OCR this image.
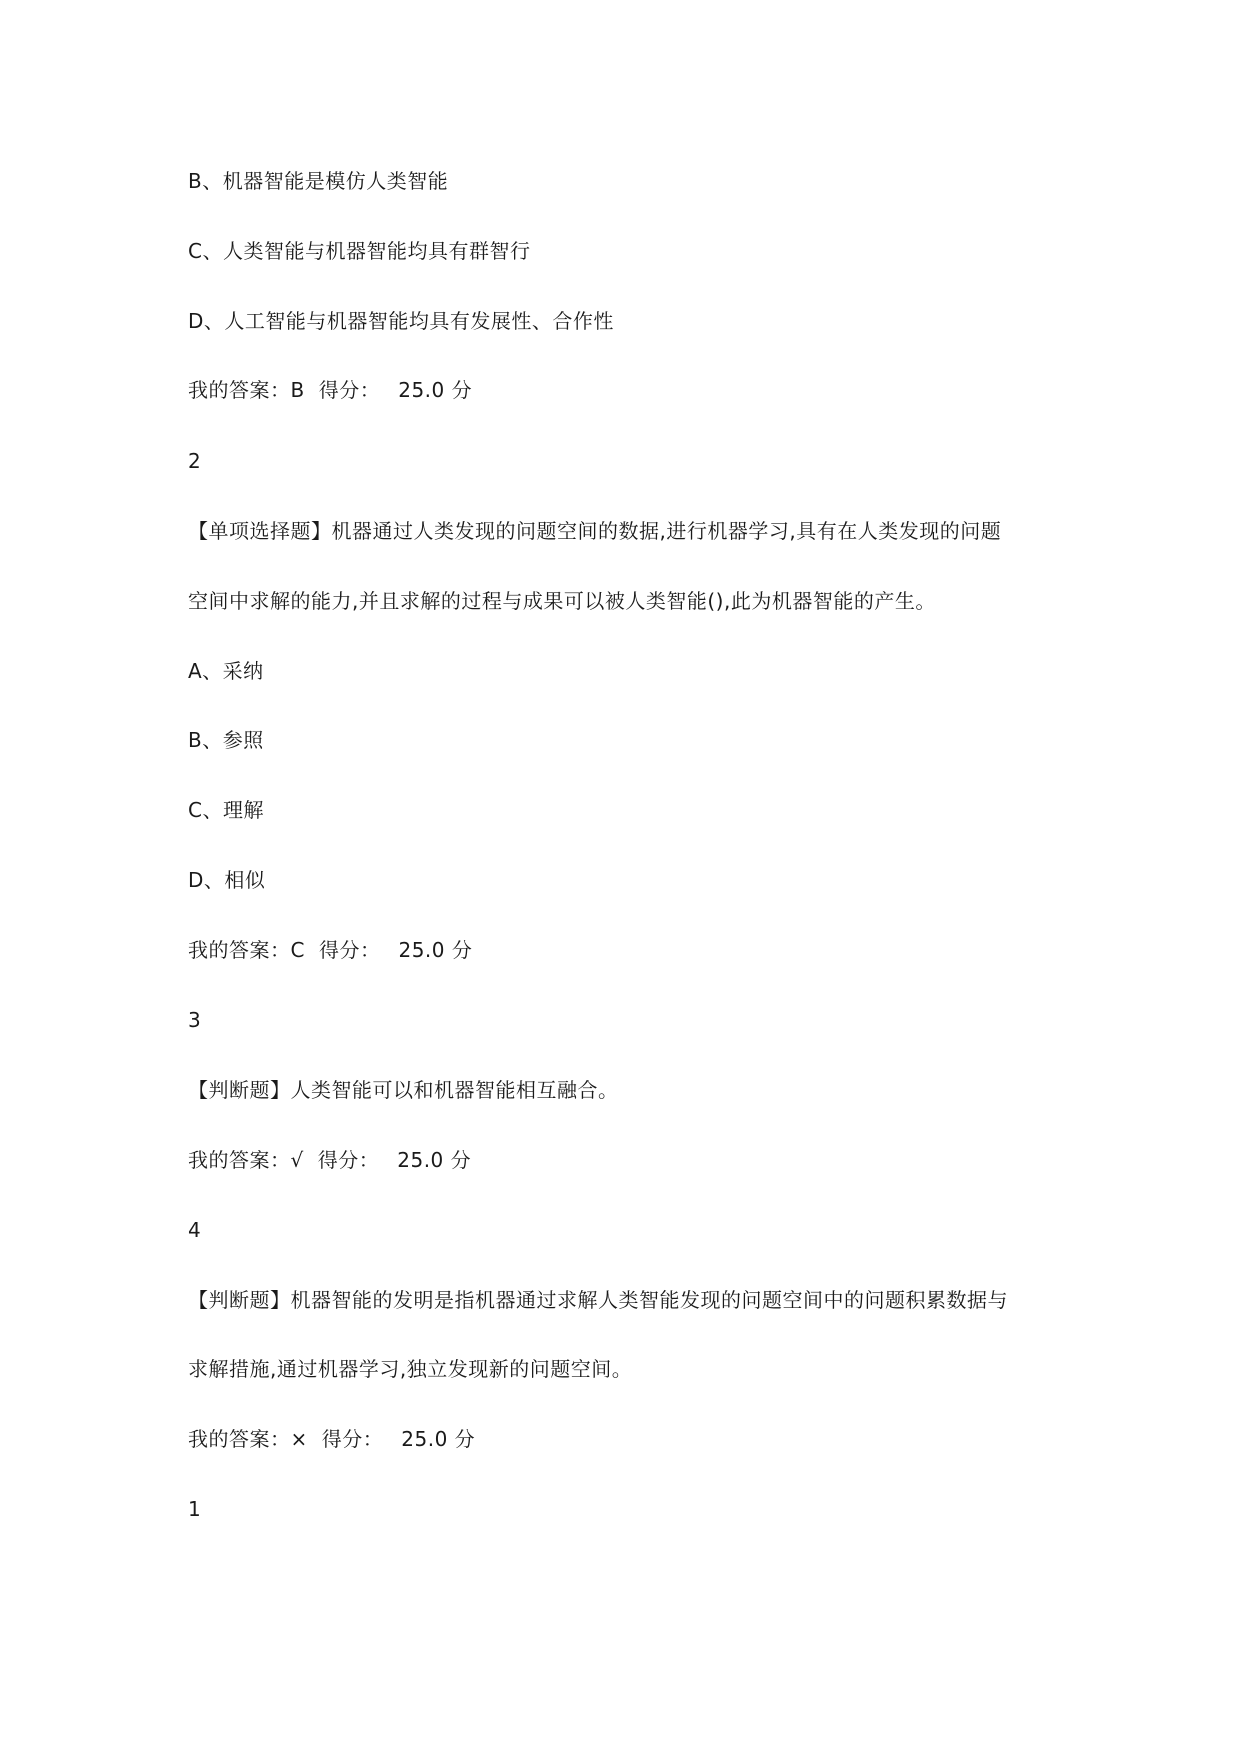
B、机器智能是模仿人类智能
C、人类智能与机器智能均具有群智行
D、人工智能与机器智能均具有发展性、合作性
我的答案：B 得分： 25.0 分
2
【单项选择题】机器通过人类发现的问题空间的数据,进行机器学习,具有在人类发现的问题
空间中求解的能力,并且求解的过程与成果可以被人类智能(),此为机器智能的产生。
A、采纳
B、参照
C、理解
D、相似
我的答案：C 得分： 25.0 分
3
【判断题】人类智能可以和机器智能相互融合。
我的答案：√ 得分： 25.0 分
4
【判断题】机器智能的发明是指机器通过求解人类智能发现的问题空间中的问题积累数据与
求解措施,通过机器学习,独立发现新的问题空间。
我的答案：× 得分： 25.0 分
1
